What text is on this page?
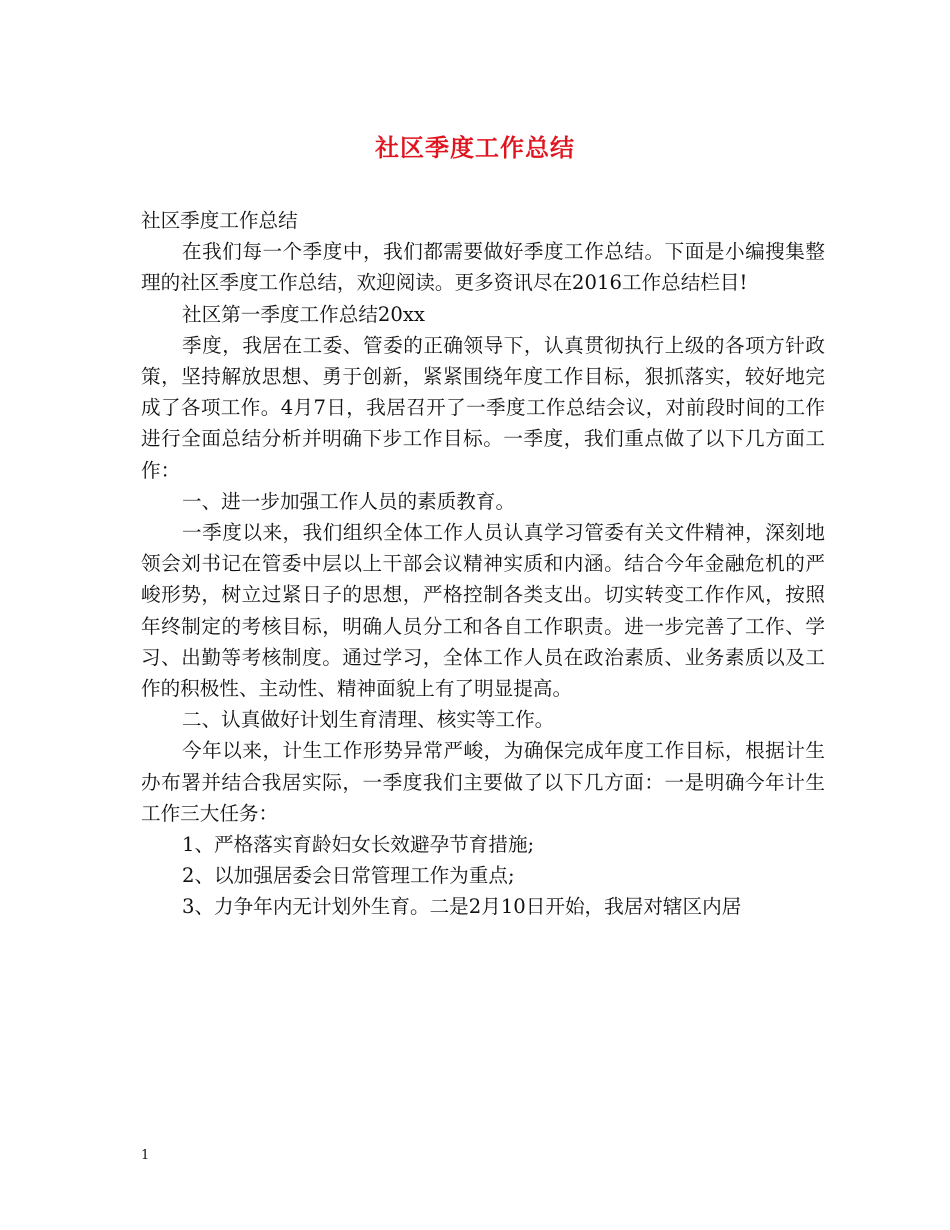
社区季度工作总结

社区季度工作总结

在我们每一个季度中，我们都需要做好季度工作总结。下面是小编搜集整理的社区季度工作总结，欢迎阅读。更多资讯尽在2016工作总结栏目!

社区第一季度工作总结20xx

季度，我居在工委、管委的正确领导下，认真贯彻执行上级的各项方针政策，坚持解放思想、勇于创新，紧紧围绕年度工作目标，狠抓落实，较好地完成了各项工作。4月7日，我居召开了一季度工作总结会议，对前段时间的工作进行全面总结分析并明确下步工作目标。一季度，我们重点做了以下几方面工作：

一、进一步加强工作人员的素质教育。

一季度以来，我们组织全体工作人员认真学习管委有关文件精神，深刻地领会刘书记在管委中层以上干部会议精神实质和内涵。结合今年金融危机的严峻形势，树立过紧日子的思想，严格控制各类支出。切实转变工作作风，按照年终制定的考核目标，明确人员分工和各自工作职责。进一步完善了工作、学习、出勤等考核制度。通过学习，全体工作人员在政治素质、业务素质以及工作的积极性、主动性、精神面貌上有了明显提高。

二、认真做好计划生育清理、核实等工作。

今年以来，计生工作形势异常严峻，为确保完成年度工作目标，根据计生办布署并结合我居实际，一季度我们主要做了以下几方面：一是明确今年计生工作三大任务：

1、严格落实育龄妇女长效避孕节育措施;

2、以加强居委会日常管理工作为重点;

3、力争年内无计划外生育。二是2月10日开始，我居对辖区内居

1
